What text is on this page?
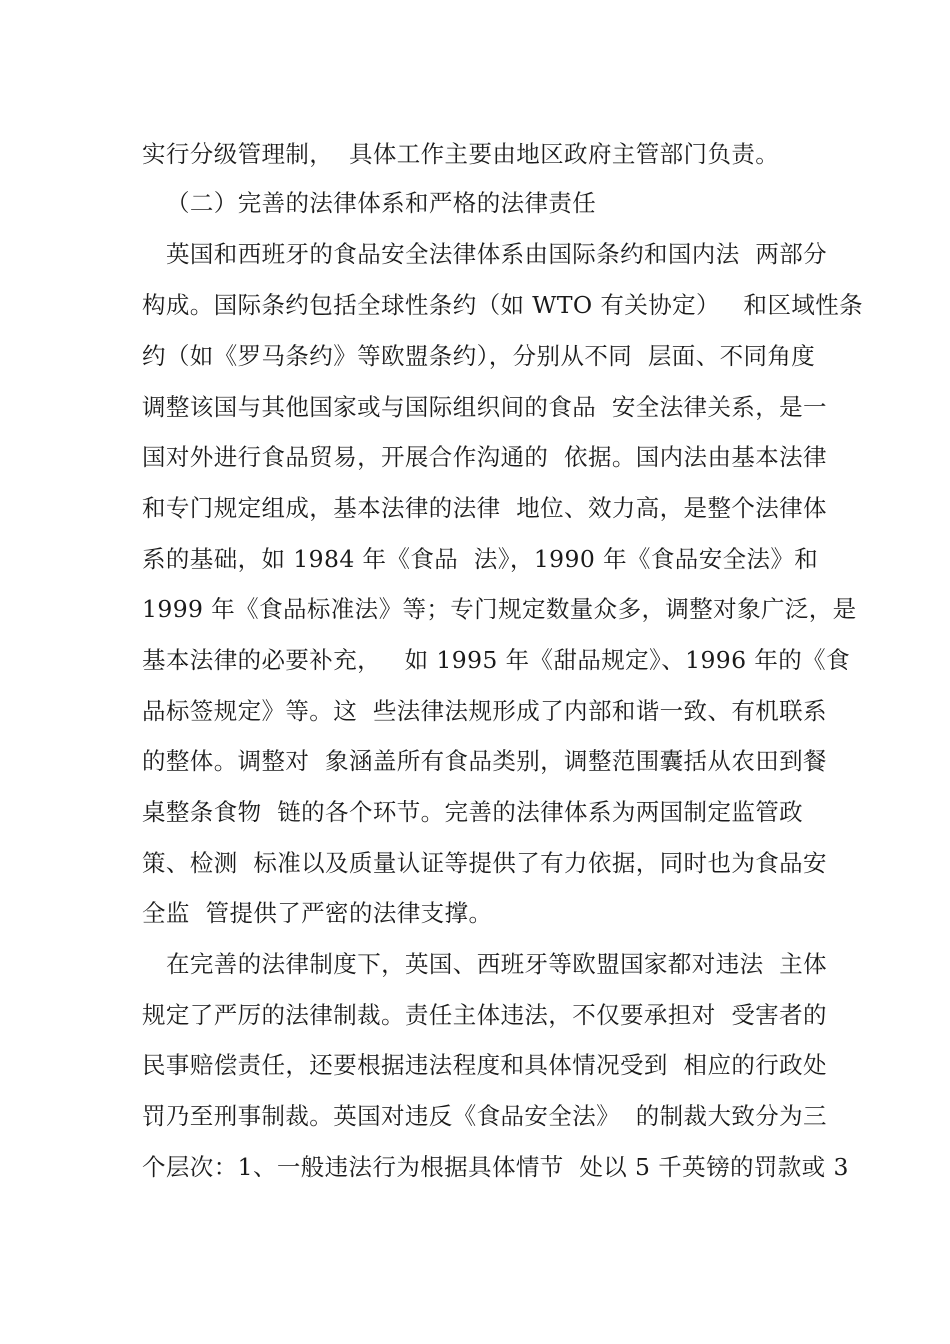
实行分级管理制，  具体工作主要由地区政府主管部门负责。
（二）完善的法律体系和严格的法律责任
英国和西班牙的食品安全法律体系由国际条约和国内法  两部分
构成。国际条约包括全球性条约（如 WTO 有关协定）   和区域性条
约（如《罗马条约》等欧盟条约），分别从不同  层面、不同角度
调整该国与其他国家或与国际组织间的食品  安全法律关系，是一
国对外进行食品贸易，开展合作沟通的  依据。国内法由基本法律
和专门规定组成，基本法律的法律  地位、效力高，是整个法律体
系的基础，如 1984 年《食品  法》，1990 年《食品安全法》和
1999 年《食品标准法》等；专门规定数量众多，调整对象广泛，是
基本法律的必要补充，   如 1995 年《甜品规定》、1996 年的《食
品标签规定》等。这  些法律法规形成了内部和谐一致、有机联系
的整体。调整对  象涵盖所有食品类别，调整范围囊括从农田到餐
桌整条食物  链的各个环节。完善的法律体系为两国制定监管政
策、检测  标准以及质量认证等提供了有力依据，同时也为食品安
全监  管提供了严密的法律支撑。
在完善的法律制度下，英国、西班牙等欧盟国家都对违法  主体
规定了严厉的法律制裁。责任主体违法，不仅要承担对  受害者的
民事赔偿责任，还要根据违法程度和具体情况受到  相应的行政处
罚乃至刑事制裁。英国对违反《食品安全法》  的制裁大致分为三
个层次：1、一般违法行为根据具体情节  处以 5 千英镑的罚款或 3
